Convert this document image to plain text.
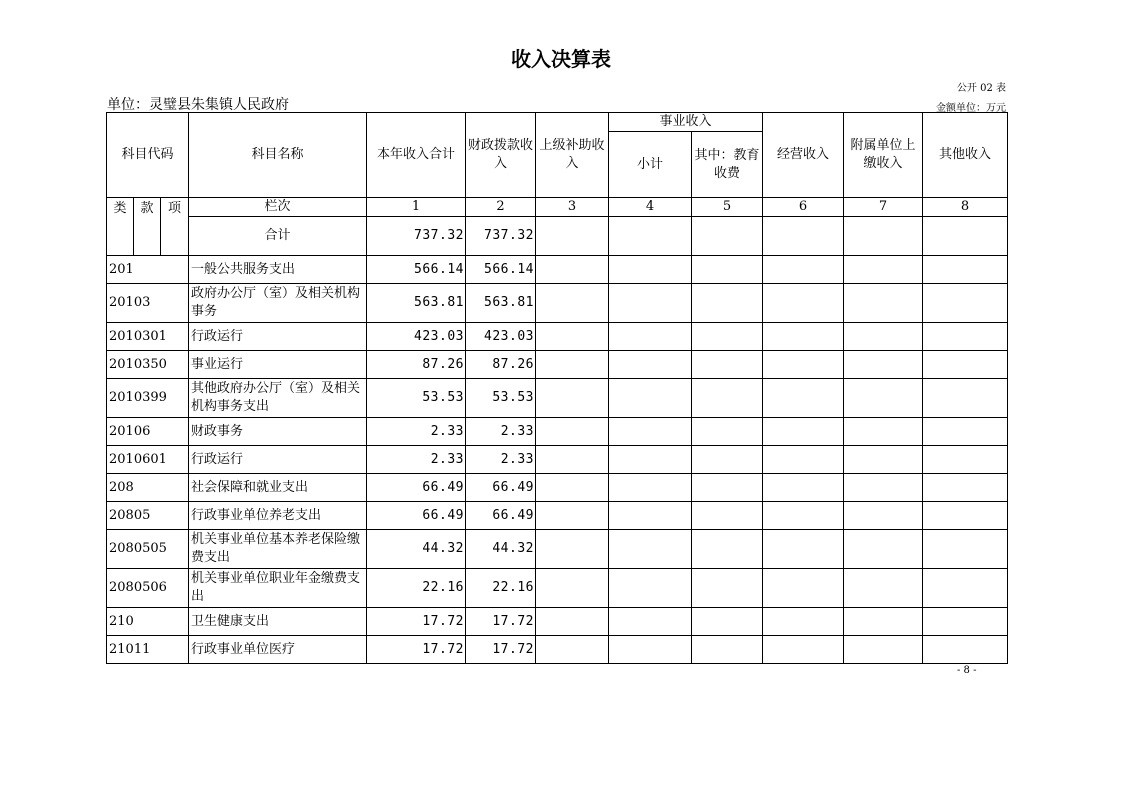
收入决算表
公开 02 表
单位：灵璧县朱集镇人民政府	金额单位：万元
科目代码			科目名称	本年收入合计	财政拨款收入	上级补助收入	事业收入		经营收入	附属单位上缴收入	其他收入
							小计	其中：教育收费			

类	款	项	栏次	1	2	3	4	5	6	7	8
			合计	737.32	737.32						
201			一般公共服务支出	566.14	566.14						
20103			政府办公厅（室）及相关机构事务	563.81	563.81						
2010301			行政运行	423.03	423.03						
2010350			事业运行	87.26	87.26						
2010399			其他政府办公厅（室）及相关机构事务支出	53.53	53.53						
20106			财政事务	2.33	2.33						
2010601			行政运行	2.33	2.33						
208			社会保障和就业支出	66.49	66.49						
20805			行政事业单位养老支出	66.49	66.49						
2080505			机关事业单位基本养老保险缴费支出	44.32	44.32						
2080506			机关事业单位职业年金缴费支出	22.16	22.16						
210			卫生健康支出	17.72	17.72						
21011			行政事业单位医疗	17.72	17.72						
- 8 -
